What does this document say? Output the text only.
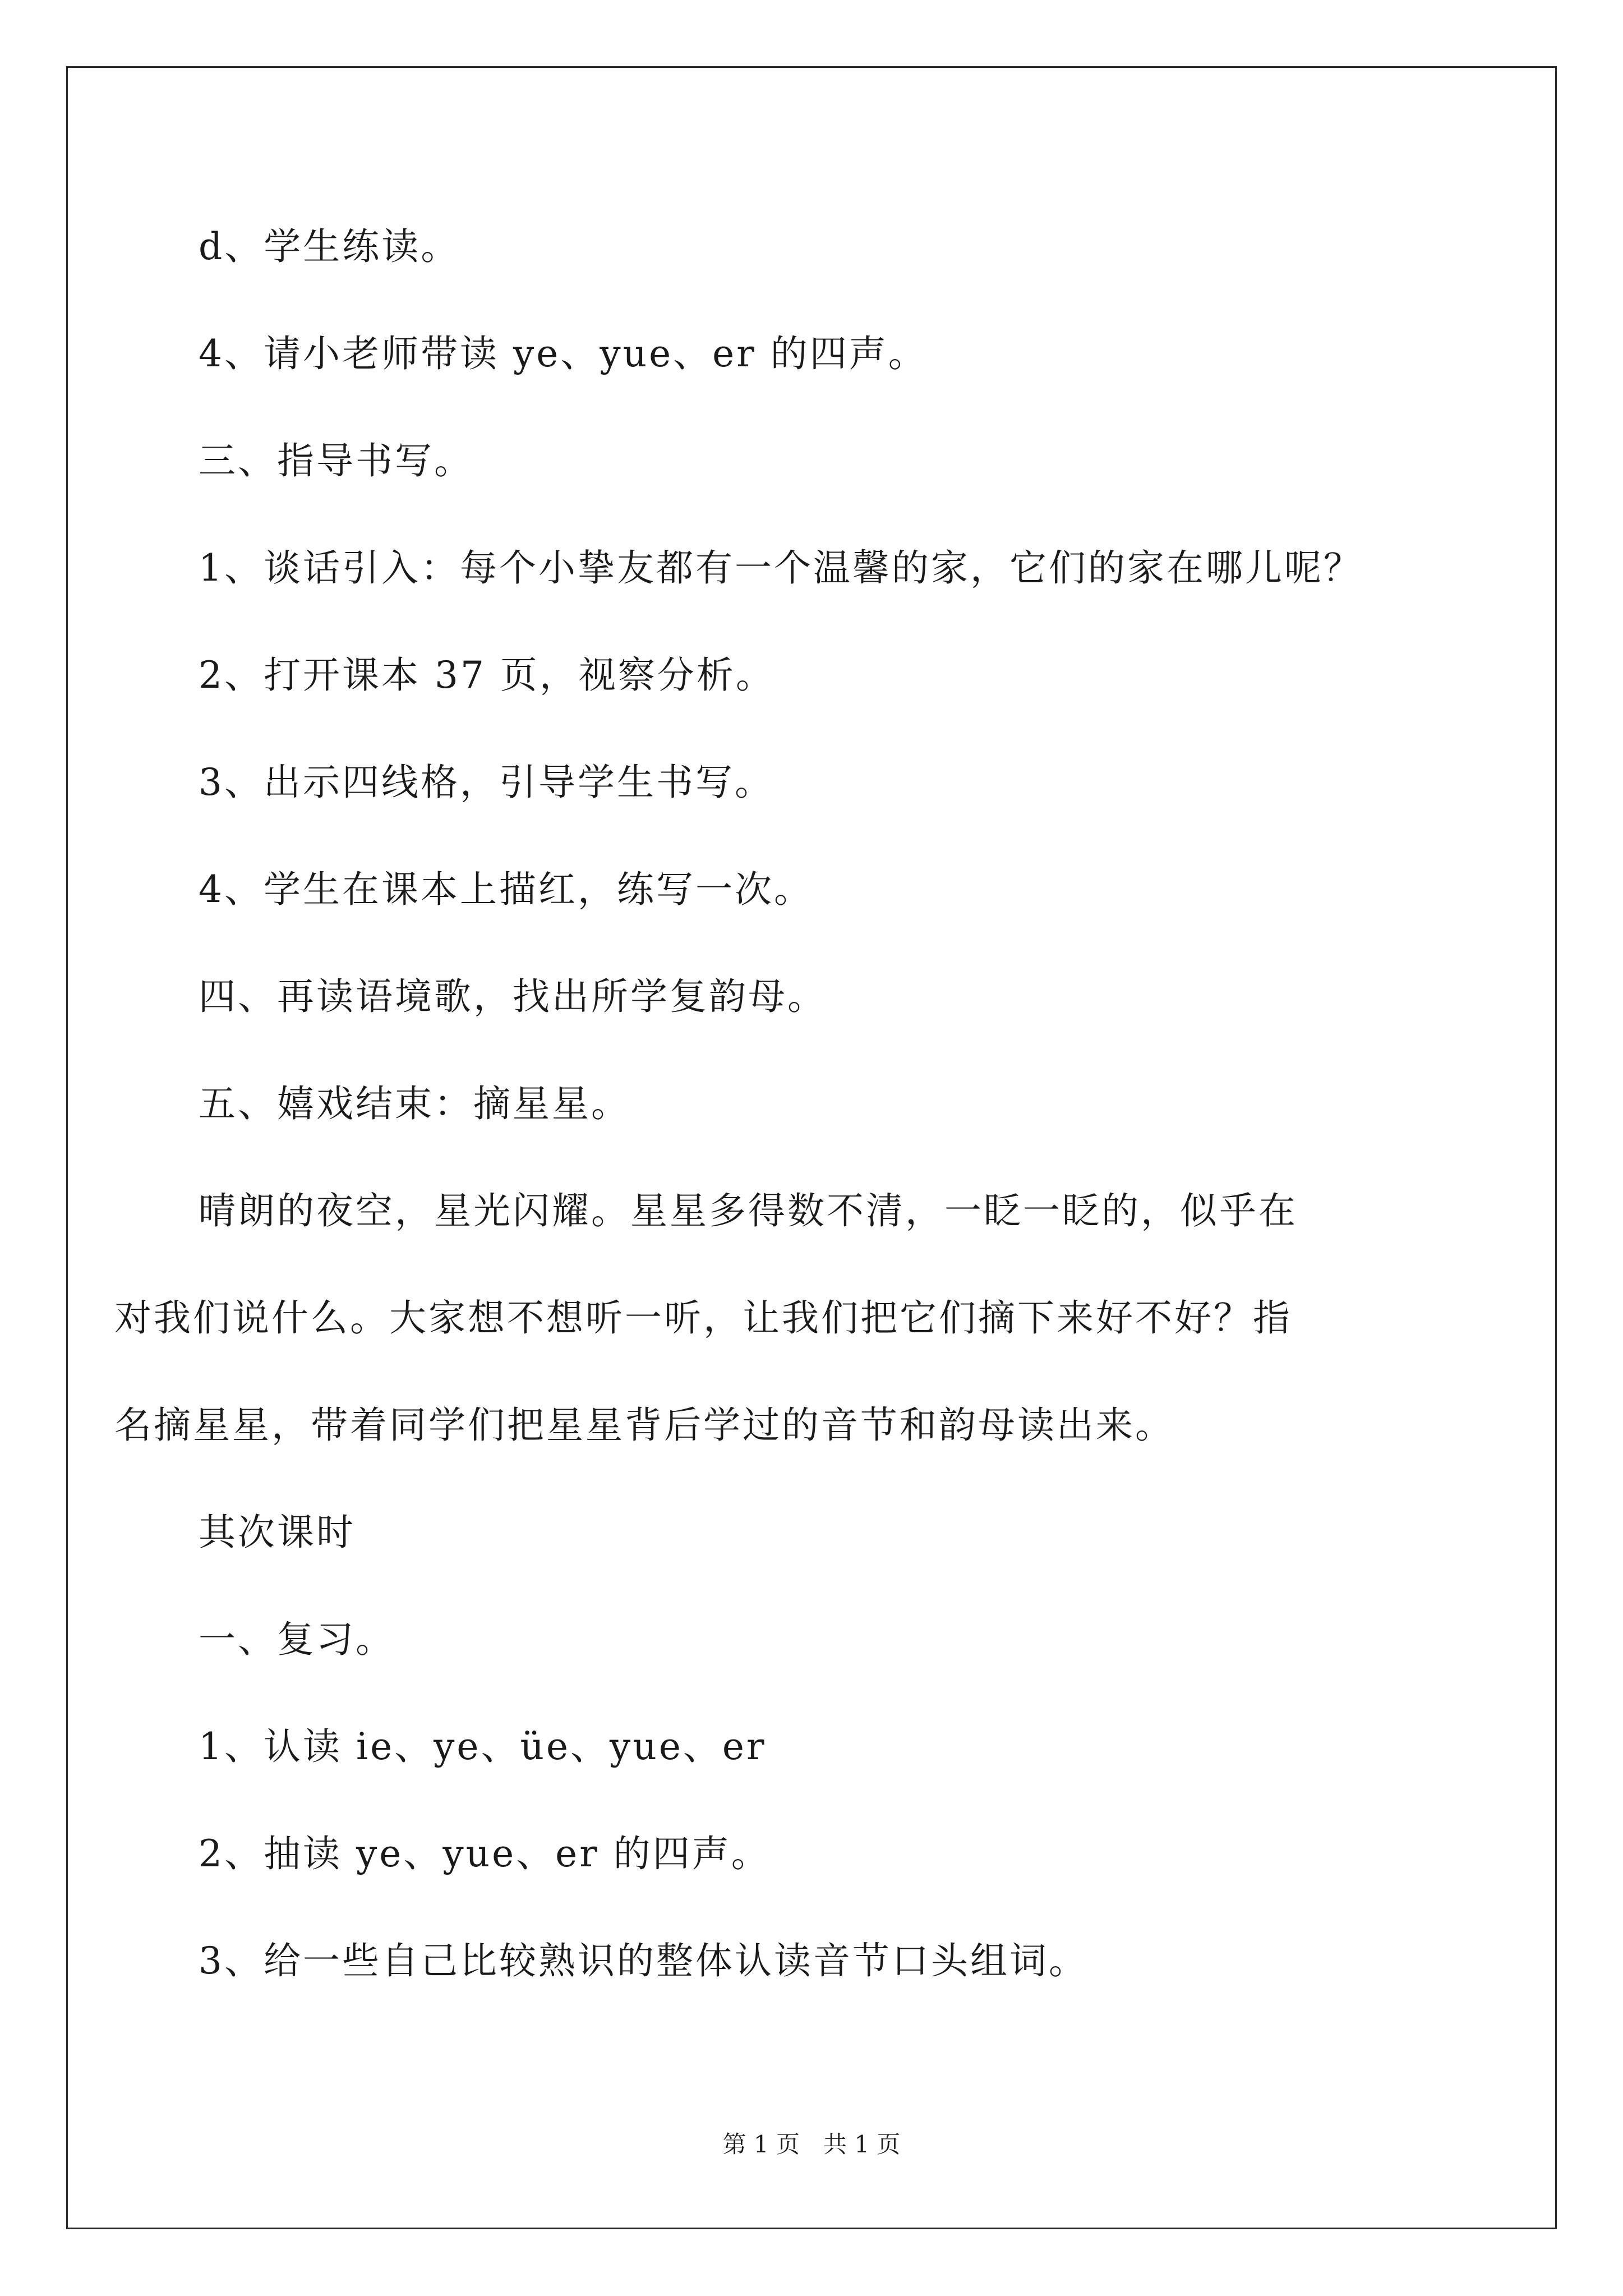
d、学生练读。
4、请小老师带读 ye、yue、er 的四声。
三、指导书写。
1、谈话引入：每个小挚友都有一个温馨的家，它们的家在哪儿呢？
2、打开课本 37 页，视察分析。
3、出示四线格，引导学生书写。
4、学生在课本上描红，练写一次。
四、再读语境歌，找出所学复韵母。
五、嬉戏结束：摘星星。
晴朗的夜空，星光闪耀。星星多得数不清，一眨一眨的，似乎在
对我们说什么。大家想不想听一听，让我们把它们摘下来好不好？指
名摘星星，带着同学们把星星背后学过的音节和韵母读出来。
其次课时
一、复习。
1、认读 ie、ye、üe、yue、er
2、抽读 ye、yue、er 的四声。
3、给一些自己比较熟识的整体认读音节口头组词。
第 1 页　共 1 页
